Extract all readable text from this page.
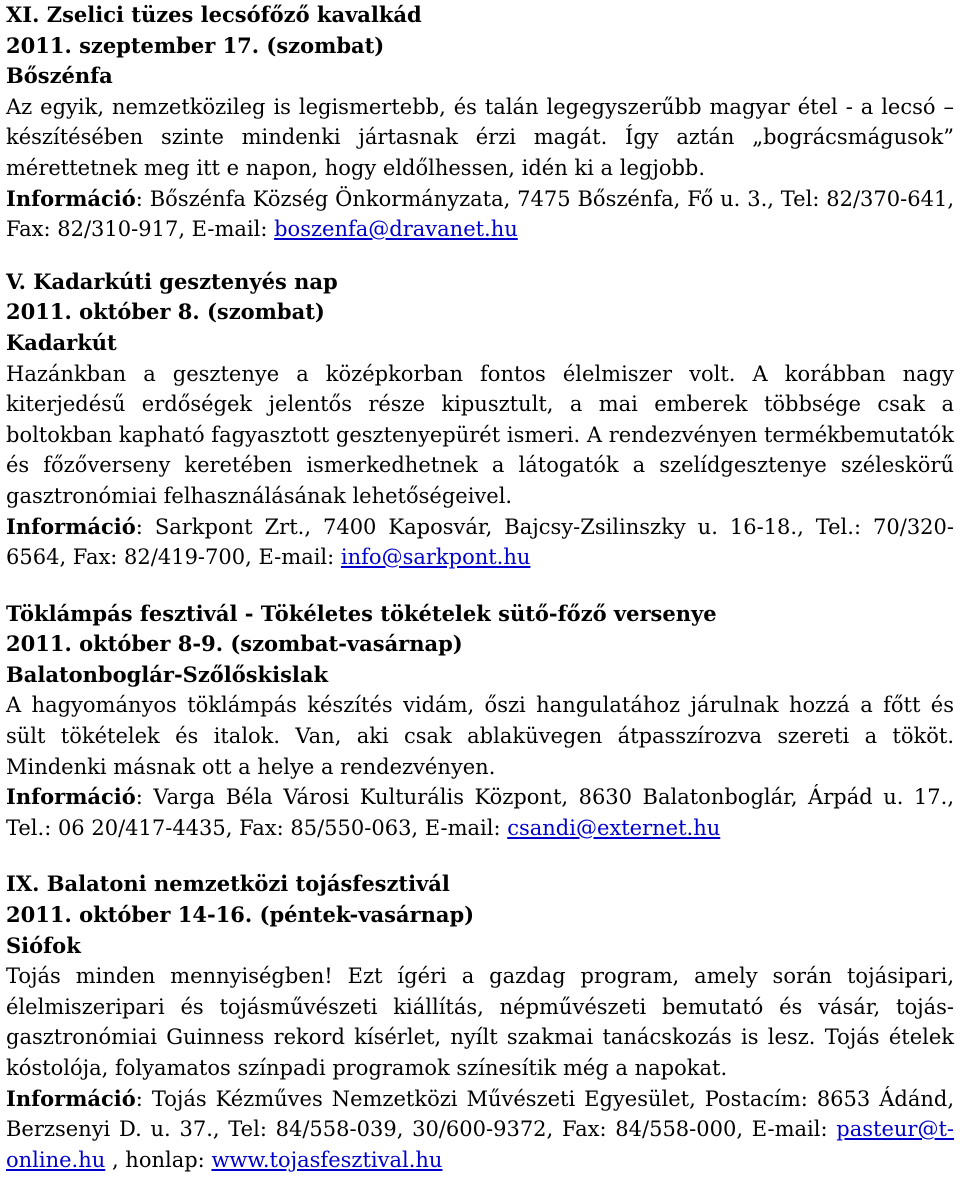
XI. Zselici tüzes lecsófőző kavalkád

2011. szeptember 17. (szombat)

Bőszénfa

Az egyik, nemzetközileg is legismertebb, és talán legegyszerűbb magyar étel - a lecsó – készítésében szinte mindenki jártasnak érzi magát. Így aztán „bográcsmágusok” mérettetnek meg itt e napon, hogy eldőlhessen, idén ki a legjobb.

Információ: Bőszénfa Község Önkormányzata, 7475 Bőszénfa, Fő u. 3., Tel: 82/370-641, Fax: 82/310-917, E-mail: boszenfa@dravanet.hu

V. Kadarkúti gesztenyés nap

2011. október 8. (szombat)

Kadarkút

Hazánkban a gesztenye a középkorban fontos élelmiszer volt. A korábban nagy kiterjedésű erdőségek jelentős része kipusztult, a mai emberek többsége csak a boltokban kapható fagyasztott gesztenyepürét ismeri. A rendezvényen termékbemutatók és főzőverseny keretében ismerkedhetnek a látogatók a szelídgesztenye széleskörű gasztronómiai felhasználásának lehetőségeivel.

Információ: Sarkpont Zrt., 7400 Kaposvár, Bajcsy-Zsilinszky u. 16-18., Tel.: 70/320-6564, Fax: 82/419-700, E-mail: info@sarkpont.hu

Töklámpás fesztivál - Tökéletes tökételek sütő-főző versenye

2011. október 8-9. (szombat-vasárnap)

Balatonboglár-Szőlőskislak

A hagyományos töklámpás készítés vidám, őszi hangulatához járulnak hozzá a főtt és sült tökételek és italok. Van, aki csak ablaküvegen átpasszírozva szereti a tököt. Mindenki másnak ott a helye a rendezvényen.

Információ: Varga Béla Városi Kulturális Központ, 8630 Balatonboglár, Árpád u. 17., Tel.: 06 20/417-4435, Fax: 85/550-063, E-mail: csandi@externet.hu

IX. Balatoni nemzetközi tojásfesztivál

2011. október 14-16. (péntek-vasárnap)

Siófok

Tojás minden mennyiségben! Ezt ígéri a gazdag program, amely során tojásipari, élelmiszeripari és tojásművészeti kiállítás, népművészeti bemutató és vásár, tojás-gasztronómiai Guinness rekord kísérlet, nyílt szakmai tanácskozás is lesz. Tojás ételek kóstolója, folyamatos színpadi programok színesítik még a napokat.

Információ: Tojás Kézműves Nemzetközi Művészeti Egyesület, Postacím: 8653 Ádánd, Berzsenyi D. u. 37., Tel: 84/558-039, 30/600-9372, Fax: 84/558-000, E-mail: pasteur@t-online.hu , honlap: www.tojasfesztival.hu
